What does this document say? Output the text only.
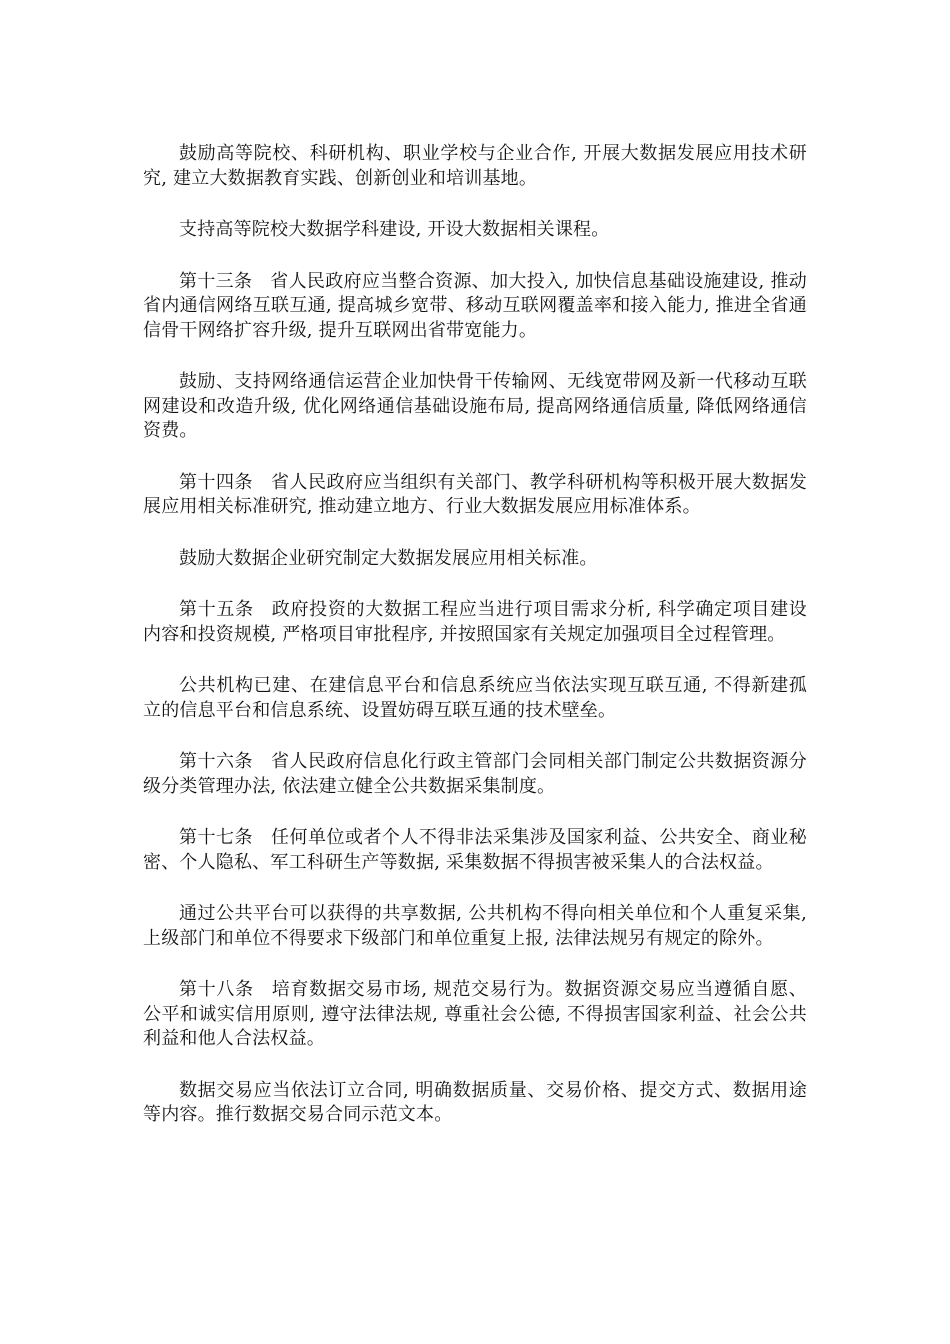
鼓励高等院校、科研机构、职业学校与企业合作, 开展大数据发展应用技术研究, 建立大数据教育实践、创新创业和培训基地。

支持高等院校大数据学科建设, 开设大数据相关课程。

第十三条 省人民政府应当整合资源、加大投入, 加快信息基础设施建设, 推动省内通信网络互联互通, 提高城乡宽带、移动互联网覆盖率和接入能力, 推进全省通信骨干网络扩容升级, 提升互联网出省带宽能力。

鼓励、支持网络通信运营企业加快骨干传输网、无线宽带网及新一代移动互联网建设和改造升级, 优化网络通信基础设施布局, 提高网络通信质量, 降低网络通信资费。

第十四条 省人民政府应当组织有关部门、教学科研机构等积极开展大数据发展应用相关标准研究, 推动建立地方、行业大数据发展应用标准体系。

鼓励大数据企业研究制定大数据发展应用相关标准。

第十五条 政府投资的大数据工程应当进行项目需求分析, 科学确定项目建设内容和投资规模, 严格项目审批程序, 并按照国家有关规定加强项目全过程管理。

公共机构已建、在建信息平台和信息系统应当依法实现互联互通, 不得新建孤立的信息平台和信息系统、设置妨碍互联互通的技术壁垒。

第十六条 省人民政府信息化行政主管部门会同相关部门制定公共数据资源分级分类管理办法, 依法建立健全公共数据采集制度。

第十七条 任何单位或者个人不得非法采集涉及国家利益、公共安全、商业秘密、个人隐私、军工科研生产等数据, 采集数据不得损害被采集人的合法权益。

通过公共平台可以获得的共享数据, 公共机构不得向相关单位和个人重复采集, 上级部门和单位不得要求下级部门和单位重复上报, 法律法规另有规定的除外。

第十八条 培育数据交易市场, 规范交易行为。数据资源交易应当遵循自愿、公平和诚实信用原则, 遵守法律法规, 尊重社会公德, 不得损害国家利益、社会公共利益和他人合法权益。

数据交易应当依法订立合同, 明确数据质量、交易价格、提交方式、数据用途等内容。推行数据交易合同示范文本。
